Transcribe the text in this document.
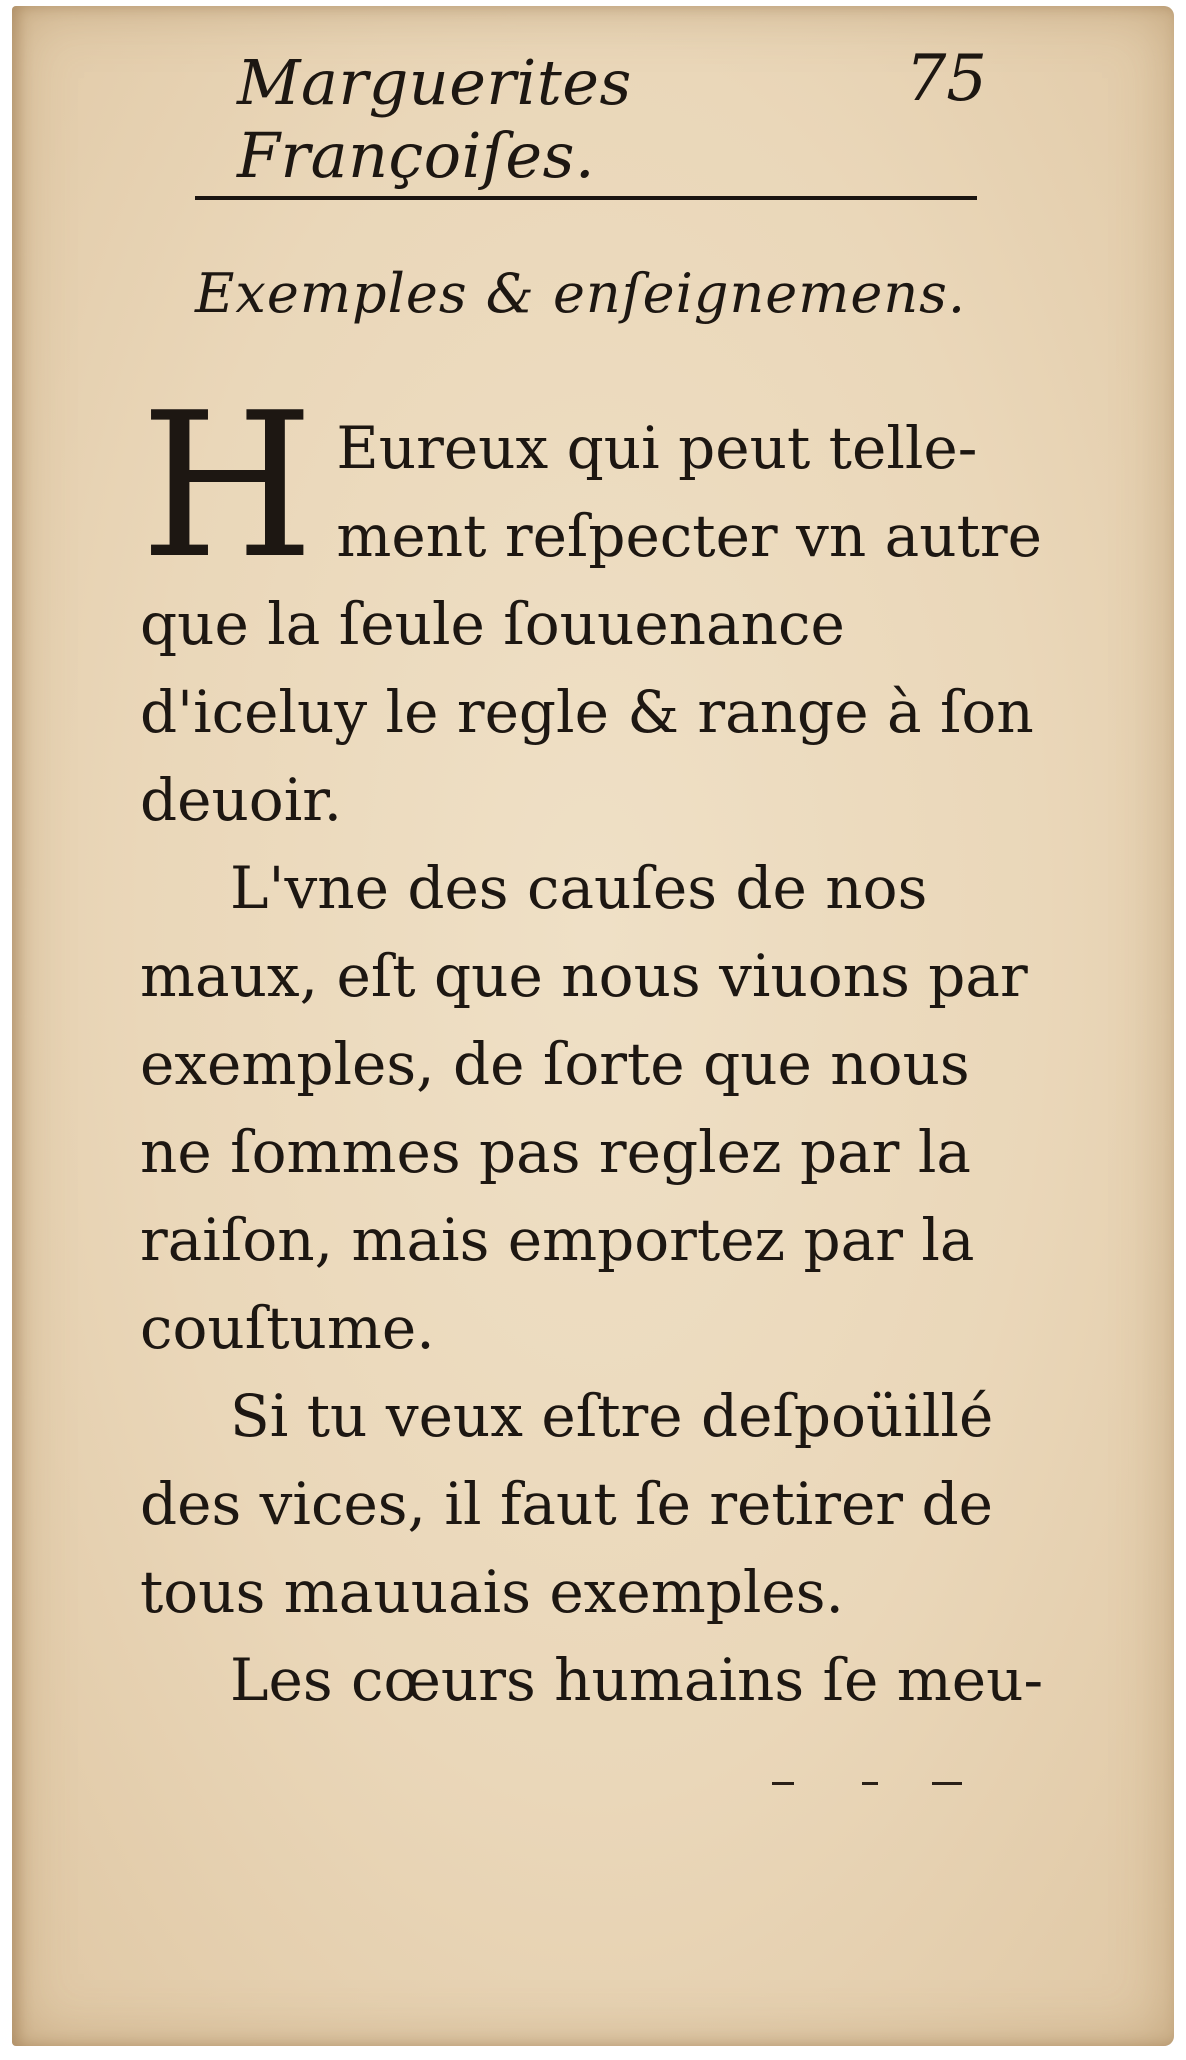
Marguerites Françoiſes.
75
Exemples & enſeignemens.

H Eureux qui peut telle-ment reſpecter vn autre que la ſeule ſouuenance d'iceluy le regle & range à ſon deuoir.

L'vne des cauſes de nos maux, eſt que nous viuons par exemples, de ſorte que nous ne ſommes pas reglez par la raiſon, mais emportez par la couſtume.

Si tu veux eſtre deſpoüillé des vices, il faut ſe retirer de tous mauuais exemples.

Les cœurs humains ſe meu-
